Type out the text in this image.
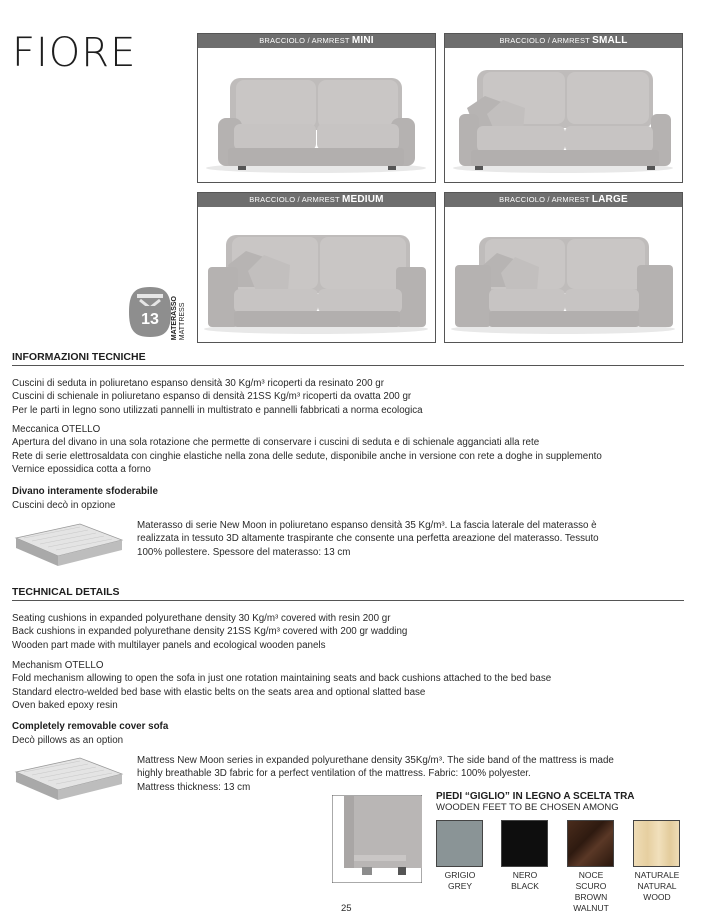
FIORE	BRACCIOLO / ARMREST MINI	BRACCIOLO / ARMREST SMALL
BRACCIOLO / ARMREST MEDIUM	BRACCIOLO / ARMREST LARGE
13 MATERASSO
MATTRESS
INFORMAZIONI TECNICHE
Cuscini di seduta in poliuretano espanso densità 30 Kg/m³ ricoperti da resinato 200 gr
Cuscini di schienale in poliuretano espanso di densità 21SS Kg/m³ ricoperti da ovatta 200 gr
Per le parti in legno sono utilizzati pannelli in multistrato e pannelli fabbricati a norma ecologica
Meccanica OTELLO
Apertura del divano in una sola rotazione che permette di conservare i cuscini di seduta e di schienale agganciati alla rete
Rete di serie elettrosaldata con cinghie elastiche nella zona delle sedute, disponibile anche in versione con rete a doghe in supplemento
Vernice epossidica cotta a forno
Divano interamente sfoderabile
Cuscini decò in opzione
Materasso di serie New Moon in poliuretano espanso densità 35 Kg/m³. La fascia laterale del materasso è
realizzata in tessuto 3D altamente traspirante che consente una perfetta areazione del materasso. Tessuto
100% pollestere. Spessore del materasso: 13 cm
TECHNICAL DETAILS
Seating cushions in expanded polyurethane density 30 Kg/m³ covered with resin 200 gr
Back cushions in expanded polyurethane density 21SS Kg/m³ covered with 200 gr wadding
Wooden part made with multilayer panels and ecological wooden panels
Mechanism OTELLO
Fold mechanism allowing to open the sofa in just one rotation maintaining seats and back cushions attached to the bed base
Standard electro-welded bed base with elastic belts on the seats area and optional slatted base
Oven baked epoxy resin
Completely removable cover sofa
Decò pillows as an option
Mattress New Moon series in expanded polyurethane density 35Kg/m³. The side band of the mattress is made
highly breathable 3D fabric for a perfect ventilation of the mattress. Fabric: 100% polyester.
Mattress thickness: 13 cm
PIEDI “GIGLIO” IN LEGNO A SCELTA TRA
WOODEN FEET TO BE CHOSEN AMONG
GRIGIO
GREY
NERO
BLACK
NOCE
SCURO
BROWN
WALNUT
NATURALE
NATURAL
WOOD
25
